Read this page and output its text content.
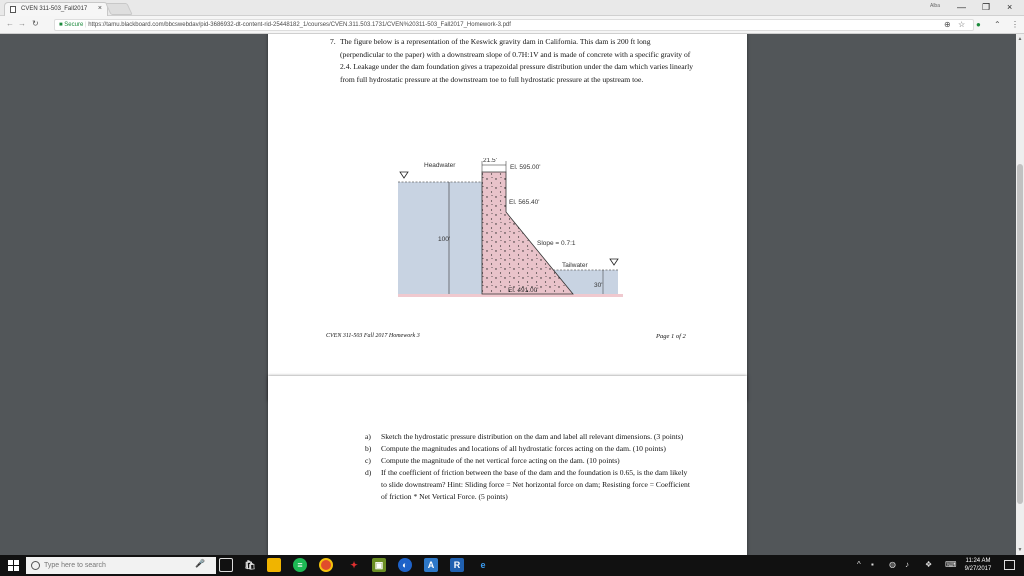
CVEN 311-503_Fall2017 ×	Alba	— ❐ ×
← → ↻	■ Secure | https://tamu.blackboard.com/bbcswebdav/pid-3686932-dt-content-rid-25448182_1/courses/CVEN.311.503.1731/CVEN%20311-503_Fall2017_Homework-3.pdf	⊕ ☆ ● ⌃ ⋮
7. The figure below is a representation of the Keswick gravity dam in California. This dam is 200 ft long (perpendicular to the paper) with a downstream slope of 0.7H:1V and is made of concrete with a specific gravity of 2.4. Leakage under the dam foundation gives a trapezoidal pressure distribution under the dam which varies linearly from full hydrostatic pressure at the downstream toe to full hydrostatic pressure at the upstream toe.
Headwater
21.5'
El. 595.00'
El. 565.40'
100'
Slope = 0.7:1
Tailwater
30'
El. 491.00'
CVEN 311-503 Fall 2017 Homework 3	Page 1 of 2
a) Sketch the hydrostatic pressure distribution on the dam and label all relevant dimensions. (3 points)
b) Compute the magnitudes and locations of all hydrostatic forces acting on the dam. (10 points)
c) Compute the magnitude of the net vertical force acting on the dam. (10 points)
d) If the coefficient of friction between the base of the dam and the foundation is 0.65, is the dam likely to slide downstream? Hint: Sliding force = Net horizontal force on dam; Resisting force = Coefficient of friction * Net Vertical Force. (5 points)
▲
▼
Type here to search	🎤	🛍	≡	✦	▣	◐	A	R	e	^ ▪ ◍ ♪ ❖ ⌨	11:24 AM
9/27/2017
